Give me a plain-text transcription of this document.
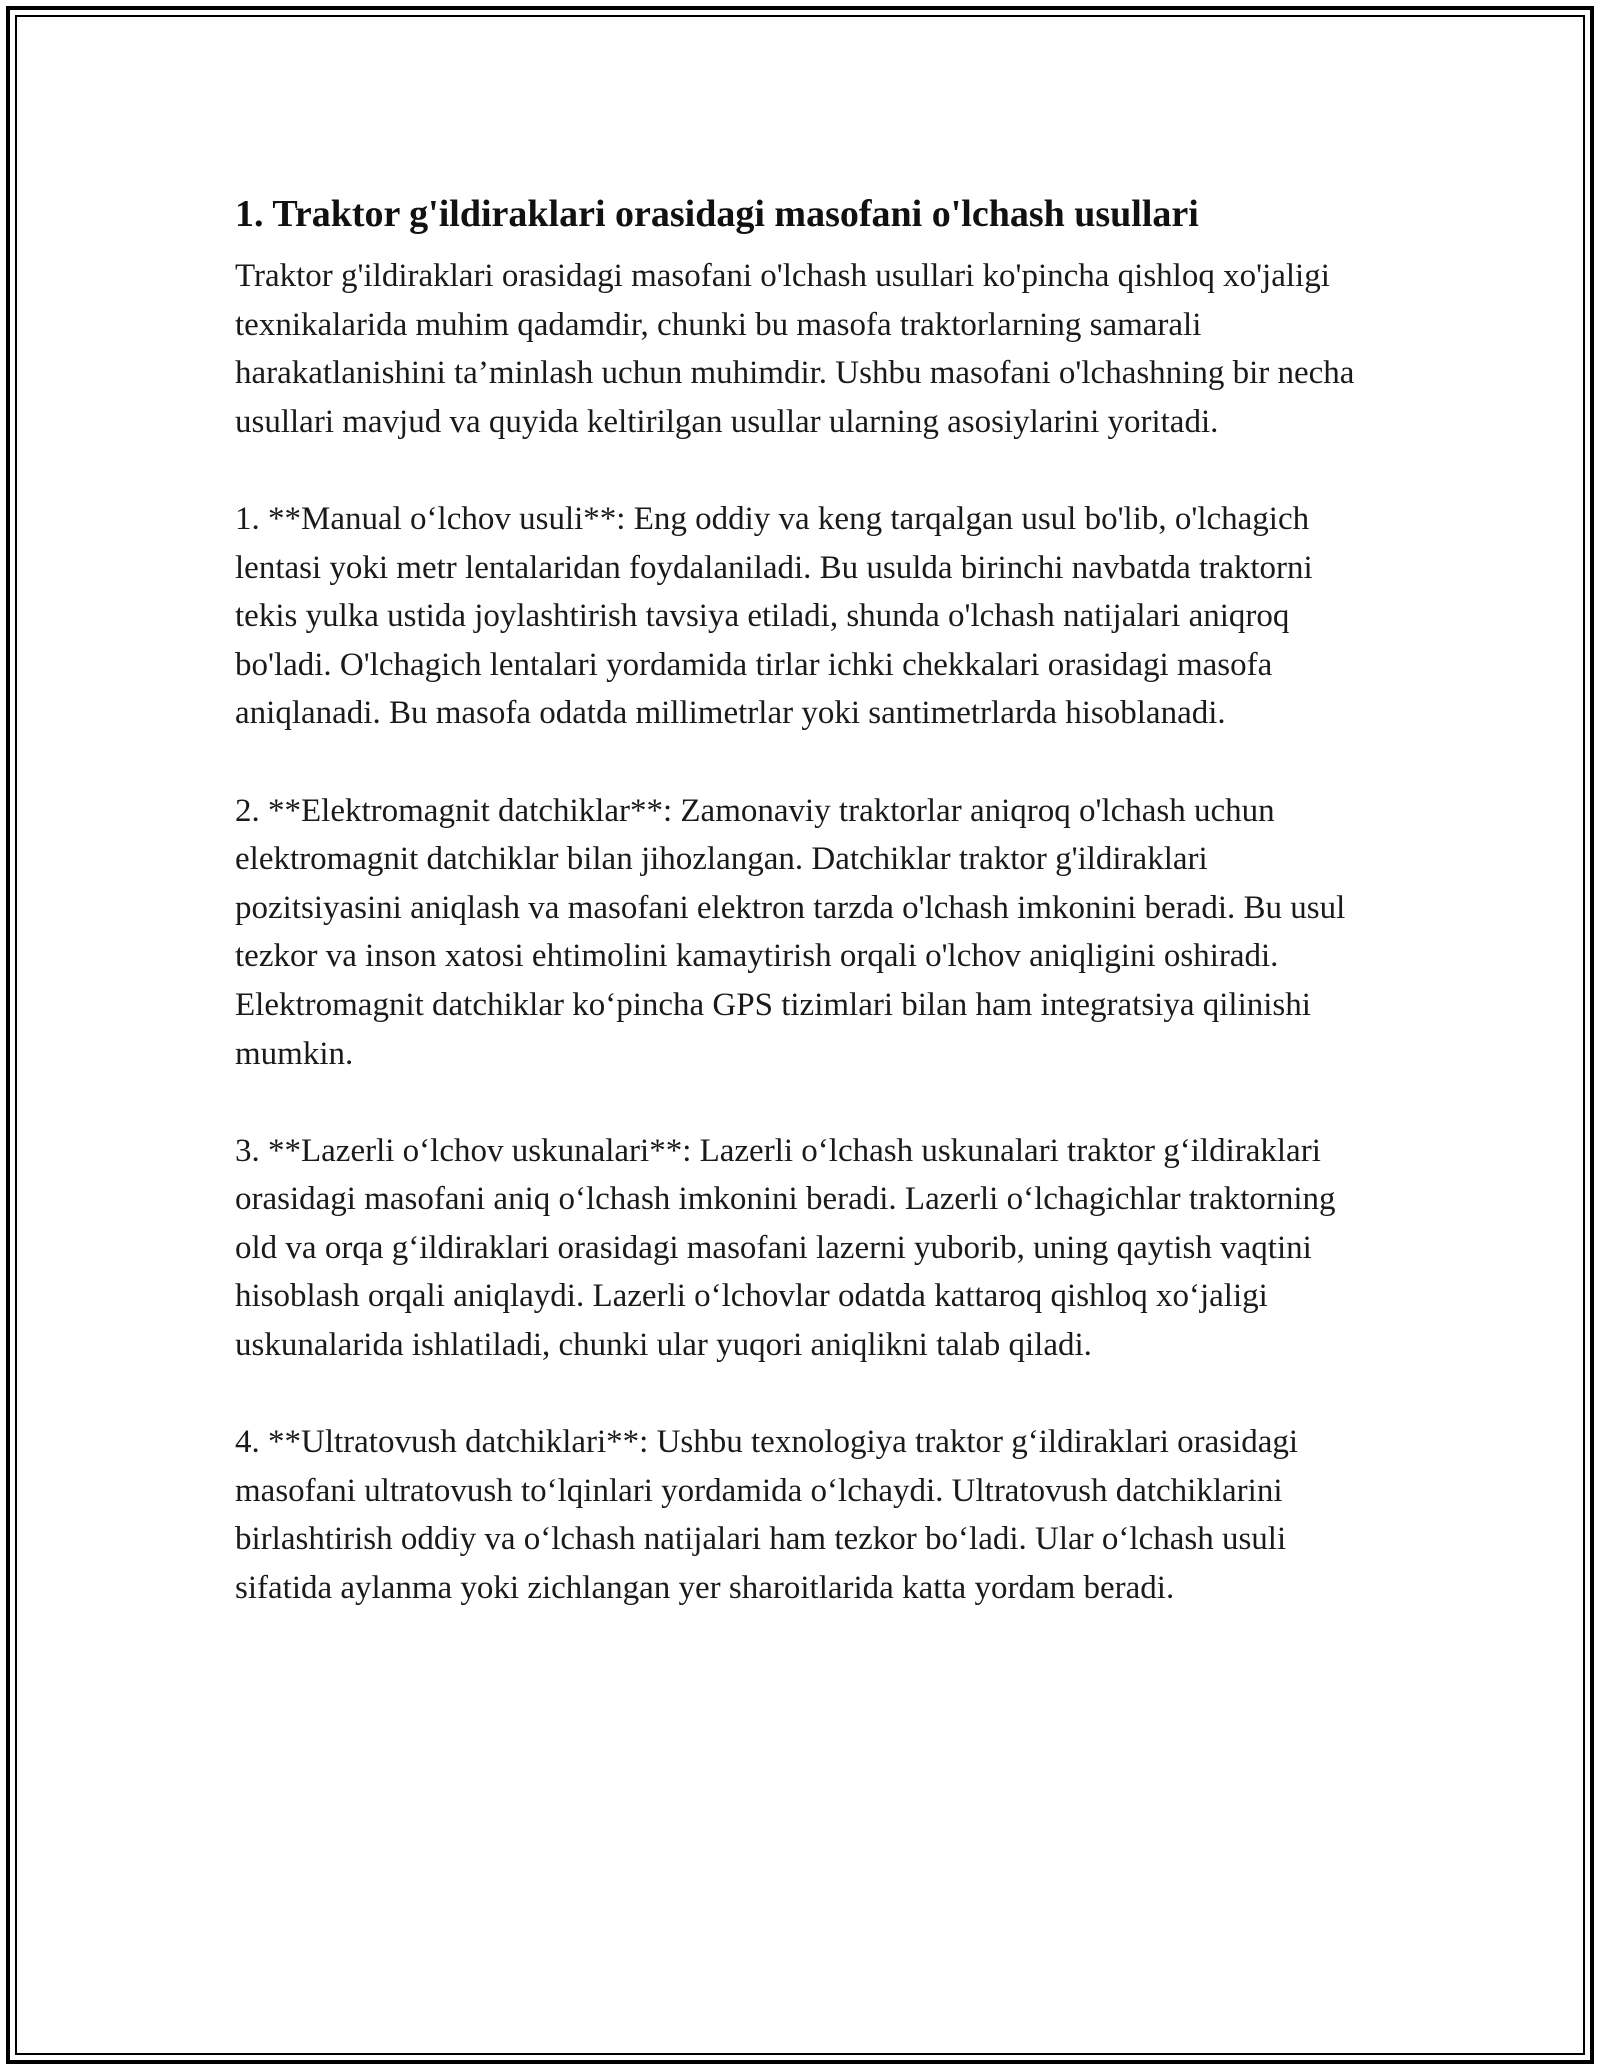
1. Traktor g'ildiraklari orasidagi masofani o'lchash usullari

Traktor g'ildiraklari orasidagi masofani o'lchash usullari ko'pincha qishloq xo'jaligi texnikalarida muhim qadamdir, chunki bu masofa traktorlarning samarali harakatlanishini ta’minlash uchun muhimdir. Ushbu masofani o'lchashning bir necha usullari mavjud va quyida keltirilgan usullar ularning asosiylarini yoritadi.

1. **Manual o‘lchov usuli**: Eng oddiy va keng tarqalgan usul bo'lib, o'lchagich lentasi yoki metr lentalaridan foydalaniladi. Bu usulda birinchi navbatda traktorni tekis yulka ustida joylashtirish tavsiya etiladi, shunda o'lchash natijalari aniqroq bo'ladi. O'lchagich lentalari yordamida tirlar ichki chekkalari orasidagi masofa aniqlanadi. Bu masofa odatda millimetrlar yoki santimetrlarda hisoblanadi.

2. **Elektromagnit datchiklar**: Zamonaviy traktorlar aniqroq o'lchash uchun elektromagnit datchiklar bilan jihozlangan. Datchiklar traktor g'ildiraklari pozitsiyasini aniqlash va masofani elektron tarzda o'lchash imkonini beradi. Bu usul tezkor va inson xatosi ehtimolini kamaytirish orqali o'lchov aniqligini oshiradi. Elektromagnit datchiklar ko‘pincha GPS tizimlari bilan ham integratsiya qilinishi mumkin.

3. **Lazerli o‘lchov uskunalari**: Lazerli o‘lchash uskunalari traktor g‘ildiraklari orasidagi masofani aniq o‘lchash imkonini beradi. Lazerli o‘lchagichlar traktorning old va orqa g‘ildiraklari orasidagi masofani lazerni yuborib, uning qaytish vaqtini hisoblash orqali aniqlaydi. Lazerli o‘lchovlar odatda kattaroq qishloq xo‘jaligi uskunalarida ishlatiladi, chunki ular yuqori aniqlikni talab qiladi.

4. **Ultratovush datchiklari**: Ushbu texnologiya traktor g‘ildiraklari orasidagi masofani ultratovush to‘lqinlari yordamida o‘lchaydi. Ultratovush datchiklarini birlashtirish oddiy va o‘lchash natijalari ham tezkor bo‘ladi. Ular o‘lchash usuli sifatida aylanma yoki zichlangan yer sharoitlarida katta yordam beradi.
